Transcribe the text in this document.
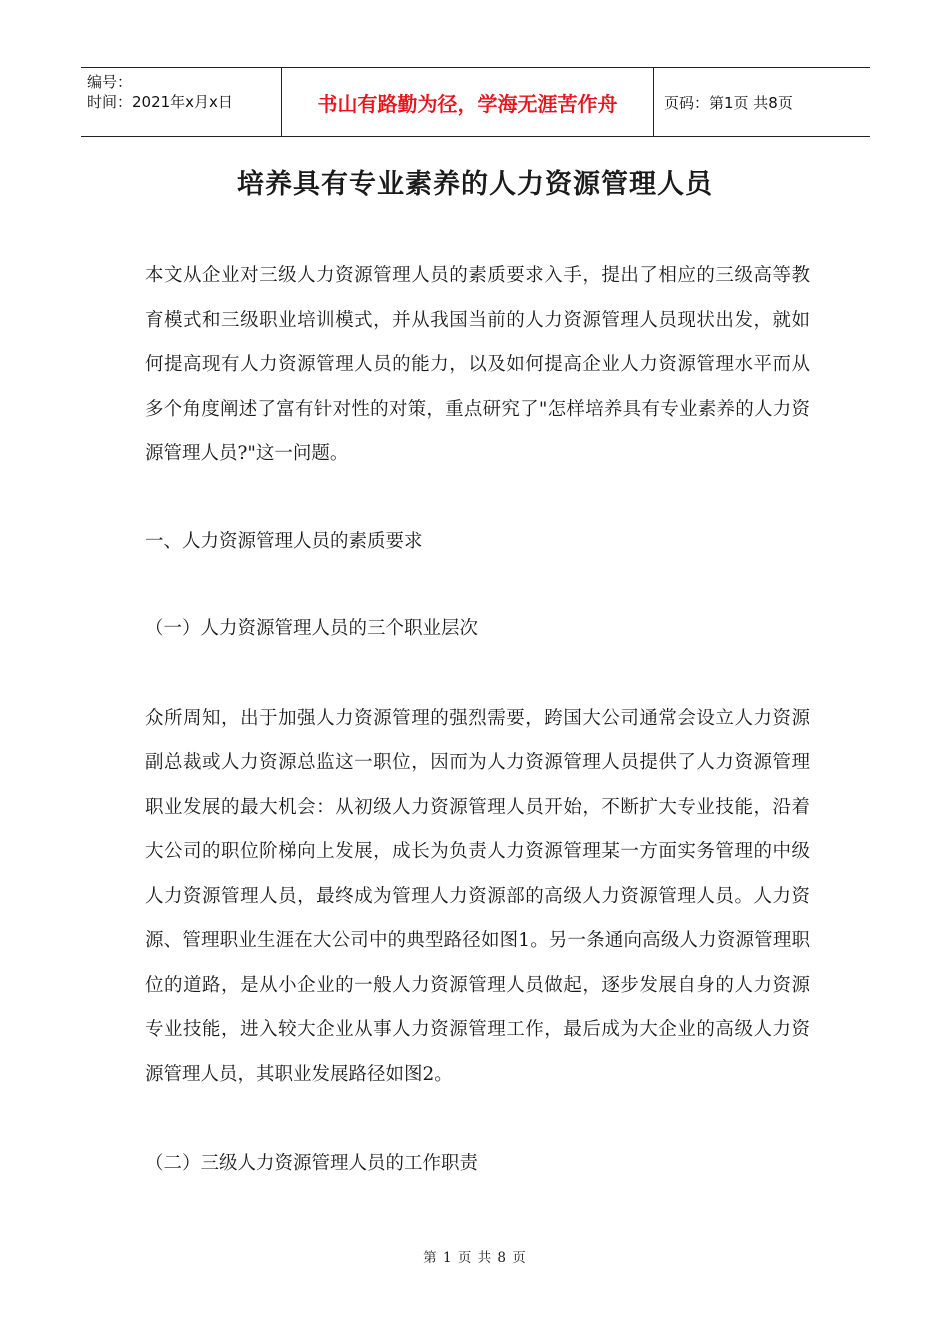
编号：
时间：2021年x月x日	书山有路勤为径，学海无涯苦作舟	页码：第1页 共8页
培养具有专业素养的人力资源管理人员

本文从企业对三级人力资源管理人员的素质要求入手，提出了相应的三级高等教育模式和三级职业培训模式，并从我国当前的人力资源管理人员现状出发，就如何提高现有人力资源管理人员的能力，以及如何提高企业人力资源管理水平而从多个角度阐述了富有针对性的对策，重点研究了"怎样培养具有专业素养的人力资源管理人员?"这一问题。

一、人力资源管理人员的素质要求

（一）人力资源管理人员的三个职业层次

众所周知，出于加强人力资源管理的强烈需要，跨国大公司通常会设立人力资源副总裁或人力资源总监这一职位，因而为人力资源管理人员提供了人力资源管理职业发展的最大机会：从初级人力资源管理人员开始，不断扩大专业技能，沿着大公司的职位阶梯向上发展，成长为负责人力资源管理某一方面实务管理的中级人力资源管理人员，最终成为管理人力资源部的高级人力资源管理人员。人力资源、管理职业生涯在大公司中的典型路径如图1。另一条通向高级人力资源管理职位的道路，是从小企业的一般人力资源管理人员做起，逐步发展自身的人力资源专业技能，进入较大企业从事人力资源管理工作，最后成为大企业的高级人力资源管理人员，其职业发展路径如图2。

（二）三级人力资源管理人员的工作职责

第 1 页 共 8 页
